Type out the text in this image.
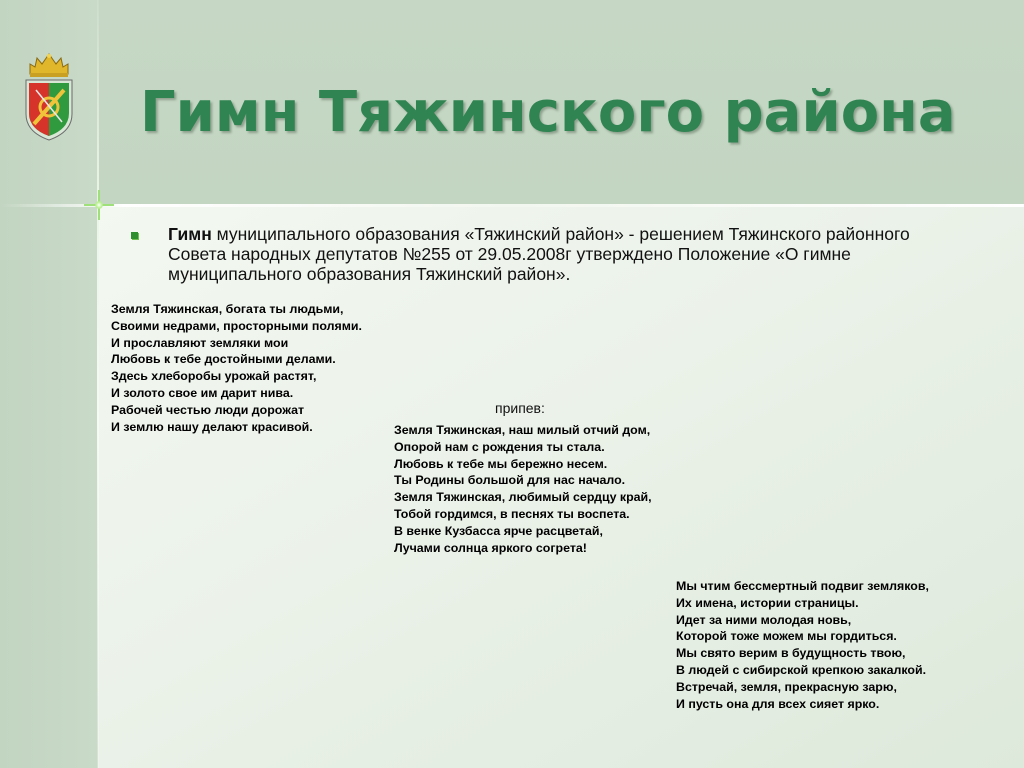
Гимн Тяжинского района

Гимн муниципального образования «Тяжинский район» - решением Тяжинского районного Совета народных депутатов №255 от 29.05.2008г утверждено Положение «О гимне муниципального образования Тяжинский район».

Земля Тяжинская, богата ты людьми,
Своими недрами, просторными полями.
И прославляют земляки мои
Любовь к тебе достойными делами.
Здесь хлеборобы урожай растят,
И золото свое им дарит нива.
Рабочей честью люди дорожат
И землю нашу делают красивой.

припев:

Земля Тяжинская, наш милый отчий дом,
Опорой нам с рождения ты стала.
Любовь к тебе мы бережно несем.
Ты Родины большой для нас начало.
Земля Тяжинская, любимый сердцу край,
Тобой гордимся, в песнях ты воспета.
В венке Кузбасса ярче расцветай,
Лучами солнца яркого согрета!
Мы чтим бессмертный подвиг земляков,
Их имена, истории страницы.
Идет за ними молодая новь,
Которой тоже можем мы гордиться.
Мы свято верим в будущность твою,
В людей с сибирской крепкою закалкой.
Встречай, земля, прекрасную зарю,
И пусть она для всех сияет ярко.
